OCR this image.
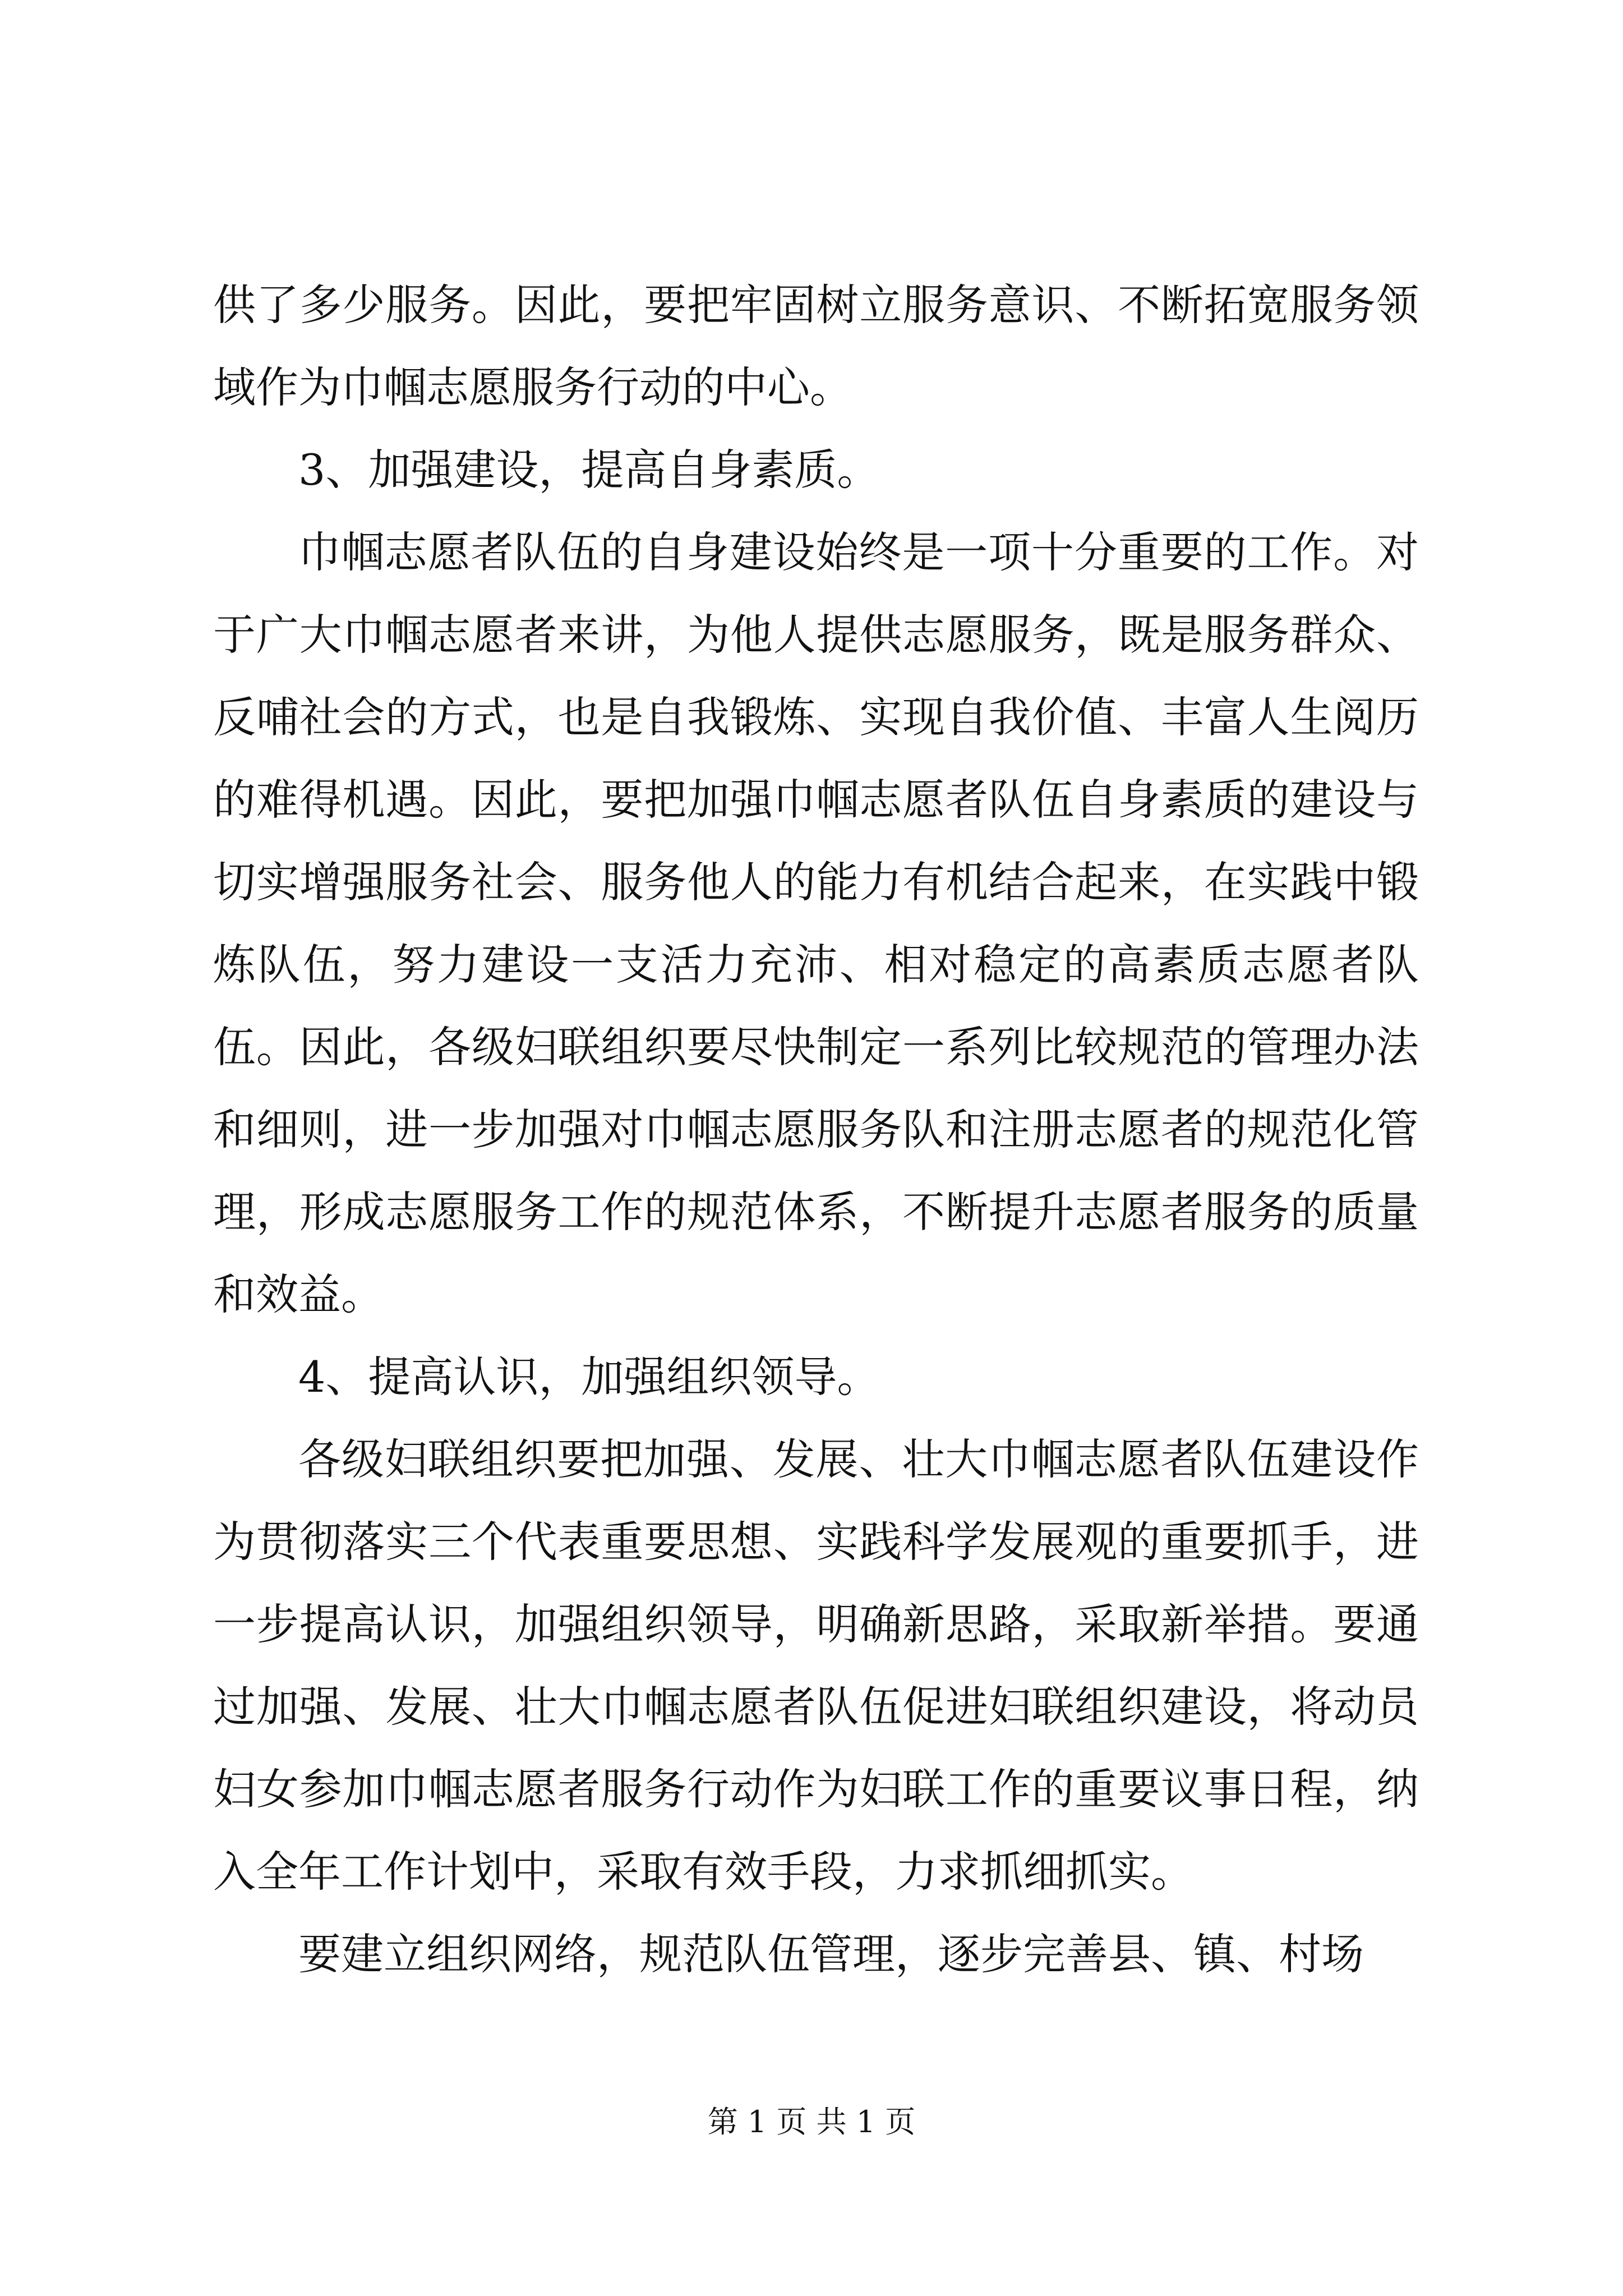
供了多少服务。因此，要把牢固树立服务意识、不断拓宽服务领域作为巾帼志愿服务行动的中心。

3、加强建设，提高自身素质。

巾帼志愿者队伍的自身建设始终是一项十分重要的工作。对于广大巾帼志愿者来讲，为他人提供志愿服务，既是服务群众、反哺社会的方式，也是自我锻炼、实现自我价值、丰富人生阅历的难得机遇。因此，要把加强巾帼志愿者队伍自身素质的建设与切实增强服务社会、服务他人的能力有机结合起来，在实践中锻炼队伍，努力建设一支活力充沛、相对稳定的高素质志愿者队伍。因此，各级妇联组织要尽快制定一系列比较规范的管理办法和细则，进一步加强对巾帼志愿服务队和注册志愿者的规范化管理，形成志愿服务工作的规范体系，不断提升志愿者服务的质量和效益。

4、提高认识，加强组织领导。

各级妇联组织要把加强、发展、壮大巾帼志愿者队伍建设作为贯彻落实三个代表重要思想、实践科学发展观的重要抓手，进一步提高认识，加强组织领导，明确新思路，采取新举措。要通过加强、发展、壮大巾帼志愿者队伍促进妇联组织建设，将动员妇女参加巾帼志愿者服务行动作为妇联工作的重要议事日程，纳入全年工作计划中，采取有效手段，力求抓细抓实。

要建立组织网络，规范队伍管理，逐步完善县、镇、村场

第 1 页 共 1 页
